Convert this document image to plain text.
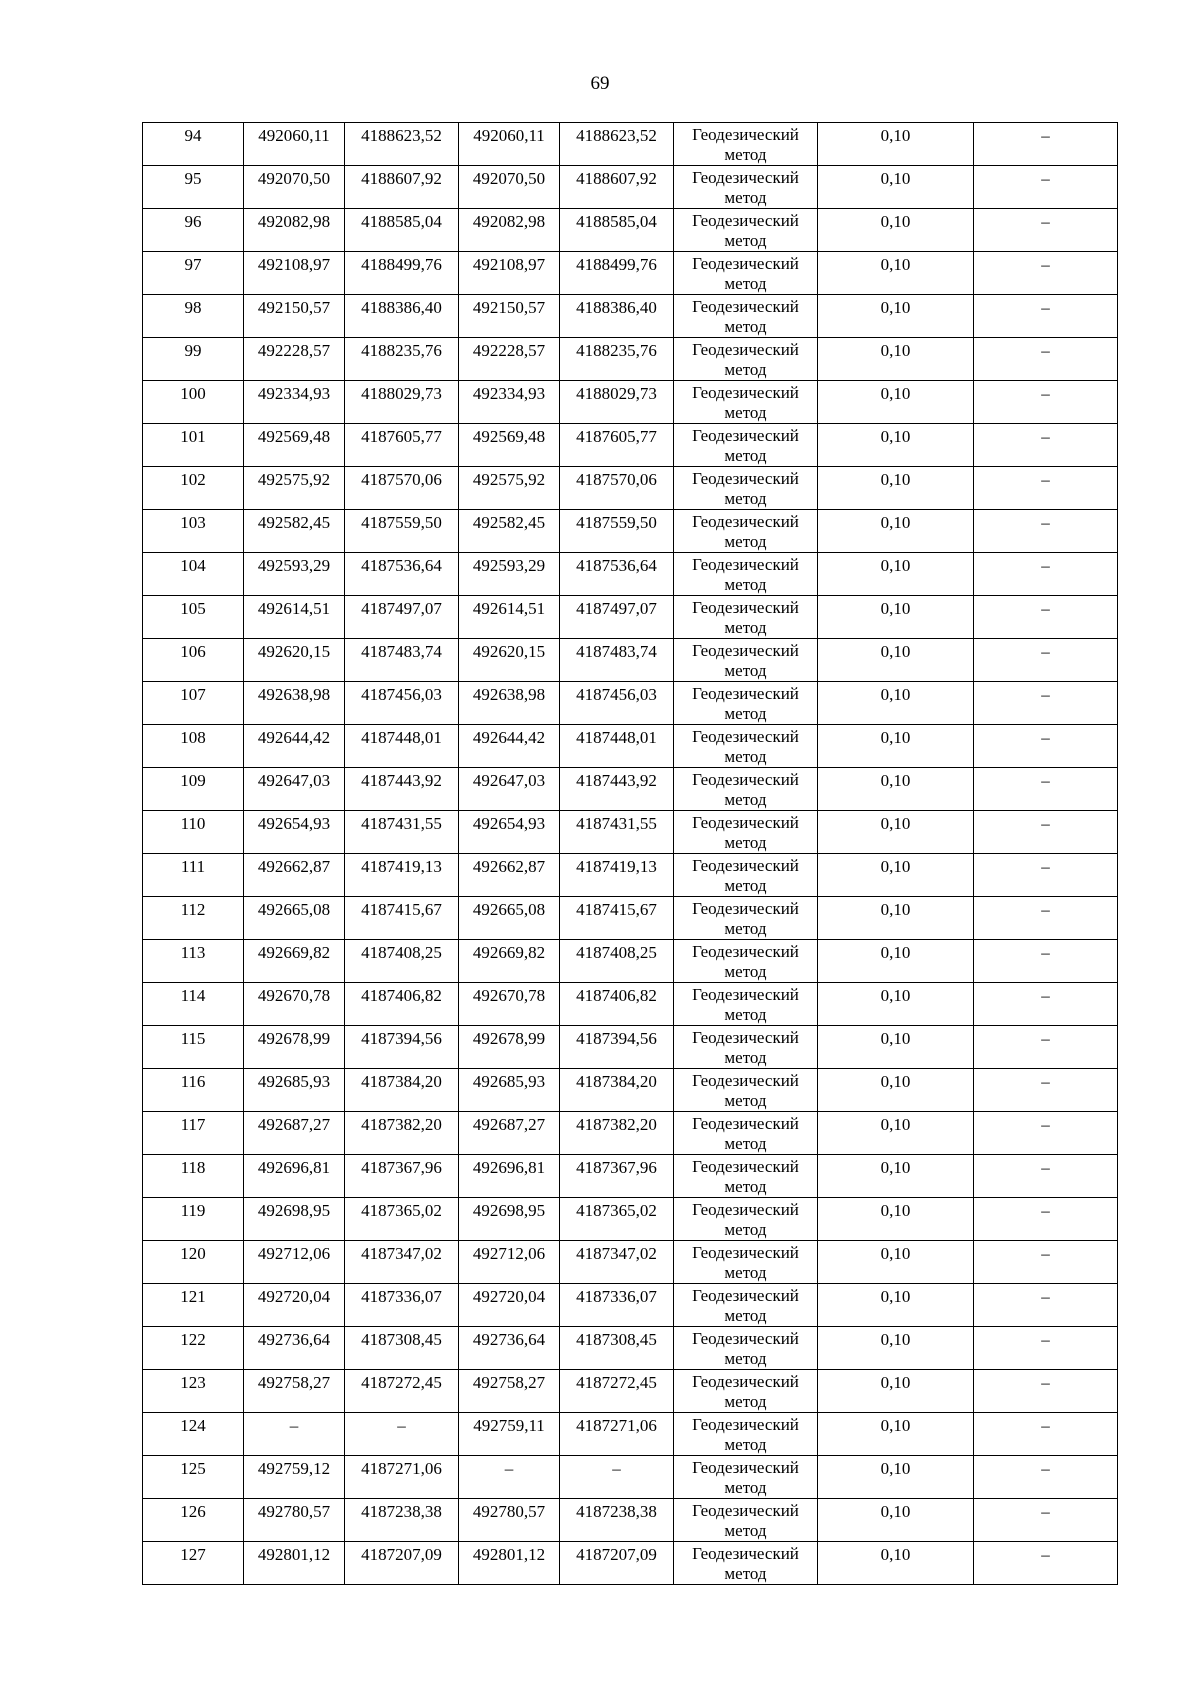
69
94	492060,11	4188623,52	492060,11	4188623,52	Геодезический метод	0,10	–

95	492070,50	4188607,92	492070,50	4188607,92	Геодезический метод	0,10	–

96	492082,98	4188585,04	492082,98	4188585,04	Геодезический метод	0,10	–

97	492108,97	4188499,76	492108,97	4188499,76	Геодезический метод	0,10	–

98	492150,57	4188386,40	492150,57	4188386,40	Геодезический метод	0,10	–

99	492228,57	4188235,76	492228,57	4188235,76	Геодезический метод	0,10	–

100	492334,93	4188029,73	492334,93	4188029,73	Геодезический метод	0,10	–

101	492569,48	4187605,77	492569,48	4187605,77	Геодезический метод	0,10	–

102	492575,92	4187570,06	492575,92	4187570,06	Геодезический метод	0,10	–

103	492582,45	4187559,50	492582,45	4187559,50	Геодезический метод	0,10	–

104	492593,29	4187536,64	492593,29	4187536,64	Геодезический метод	0,10	–

105	492614,51	4187497,07	492614,51	4187497,07	Геодезический метод	0,10	–

106	492620,15	4187483,74	492620,15	4187483,74	Геодезический метод	0,10	–

107	492638,98	4187456,03	492638,98	4187456,03	Геодезический метод	0,10	–

108	492644,42	4187448,01	492644,42	4187448,01	Геодезический метод	0,10	–

109	492647,03	4187443,92	492647,03	4187443,92	Геодезический метод	0,10	–

110	492654,93	4187431,55	492654,93	4187431,55	Геодезический метод	0,10	–

111	492662,87	4187419,13	492662,87	4187419,13	Геодезический метод	0,10	–

112	492665,08	4187415,67	492665,08	4187415,67	Геодезический метод	0,10	–

113	492669,82	4187408,25	492669,82	4187408,25	Геодезический метод	0,10	–

114	492670,78	4187406,82	492670,78	4187406,82	Геодезический метод	0,10	–

115	492678,99	4187394,56	492678,99	4187394,56	Геодезический метод	0,10	–

116	492685,93	4187384,20	492685,93	4187384,20	Геодезический метод	0,10	–

117	492687,27	4187382,20	492687,27	4187382,20	Геодезический метод	0,10	–

118	492696,81	4187367,96	492696,81	4187367,96	Геодезический метод	0,10	–

119	492698,95	4187365,02	492698,95	4187365,02	Геодезический метод	0,10	–

120	492712,06	4187347,02	492712,06	4187347,02	Геодезический метод	0,10	–

121	492720,04	4187336,07	492720,04	4187336,07	Геодезический метод	0,10	–

122	492736,64	4187308,45	492736,64	4187308,45	Геодезический метод	0,10	–

123	492758,27	4187272,45	492758,27	4187272,45	Геодезический метод	0,10	–

124	–	–	492759,11	4187271,06	Геодезический метод	0,10	–

125	492759,12	4187271,06	–	–	Геодезический метод	0,10	–

126	492780,57	4187238,38	492780,57	4187238,38	Геодезический метод	0,10	–

127	492801,12	4187207,09	492801,12	4187207,09	Геодезический метод	0,10	–
